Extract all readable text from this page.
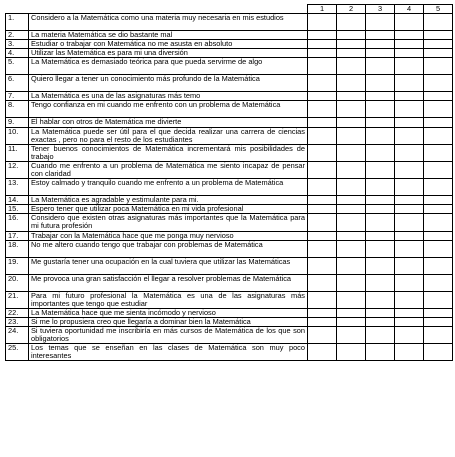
		1	2	3	4	5
1.	Considero a la Matemática como una materia muy necesaria en mis estudios					
2.	La materia Matemática se dio bastante mal					
3.	Estudiar o trabajar con Matemática no me asusta en absoluto					
4.	Utilizar las Matemática es para mi una diversión					
5.	La Matemática es demasiado teórica para que pueda servirme de algo					
6.	Quiero llegar a tener un conocimiento más profundo de la Matemática					
7.	La Matemática es una de las asignaturas más temo					
8.	Tengo confianza en mi cuando me enfrento con un problema de Matemática					
9.	El hablar con otros de Matemática me divierte					
10.	La Matemática puede ser útil para el que decida realizar una carrera de ciencias exactas , pero no para el resto de los estudiantes					
11.	Tener buenos conocimientos de Matemática incrementará mis posibilidades de trabajo					
12.	Cuando me enfrento a un problema de Matemática me siento incapaz de pensar con claridad					
13.	Estoy calmado y tranquilo cuando me enfrento a un problema de Matemática					
14.	La Matemática es agradable y estimulante para mi.					
15.	Espero tener que utilizar poca Matemática en mi vida profesional					
16.	Considero que existen otras asignaturas más importantes que la Matemática para mi futura profesión					
17.	Trabajar con la Matemática hace que me ponga muy nervioso					
18.	No me altero cuando tengo que trabajar con problemas de Matemática					
19.	Me gustaría tener una ocupación en la cual tuviera que utilizar las Matemáticas					
20.	Me provoca una gran satisfacción el llegar a resolver problemas de Matemática					
21.	Para mi futuro profesional la Matemática es una de las asignaturas más importantes que tengo que estudiar					
22.	La Matemática hace que me sienta incómodo y nervioso					
23.	Si me lo propusiera creo que llegaría a dominar bien la Matemática					
24.	Si tuviera oportunidad me inscribiría en más cursos de Matemática de los que son obligatorios					
25.	Los temas que se enseñan en las clases de Matemática son muy poco interesantes					
